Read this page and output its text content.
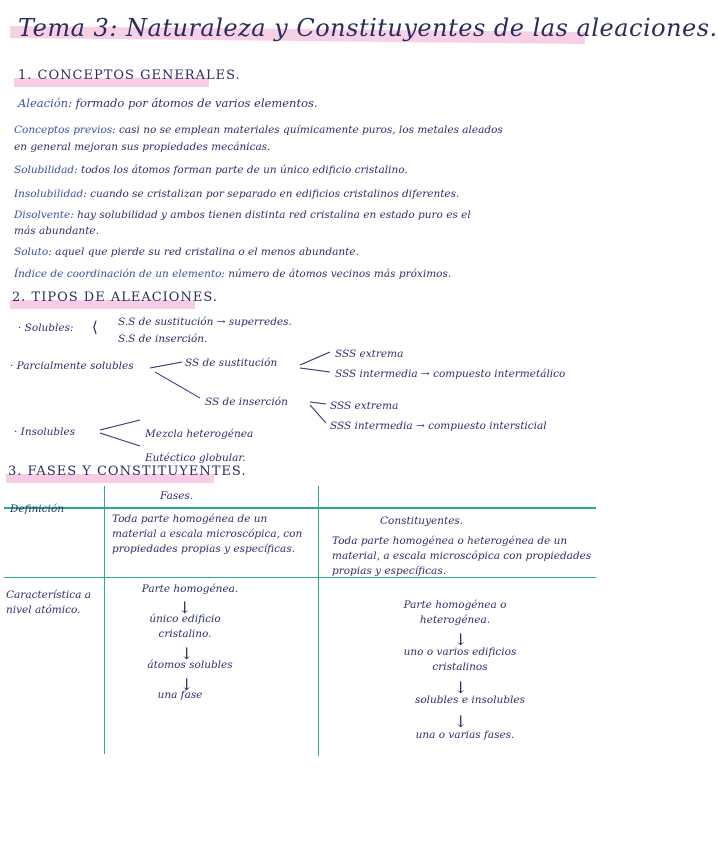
Tema 3: Naturaleza y Constituyentes de las aleaciones.
1. CONCEPTOS GENERALES.
Aleación: formado por átomos de varios elementos.
Conceptos previos: casi no se emplean materiales químicamente puros, los metales aleados
en general mejoran sus propiedades mecánicas.
Solubilidad: todos los átomos forman parte de un único edificio cristalino.
Insolubilidad: cuando se cristalizan por separado en edificios cristalinos diferentes.
Disolvente: hay solubilidad y ambos tienen distinta red cristalina en estado puro es el
más abundante.
Soluto: aquel que pierde su red cristalina o el menos abundante.
Índice de coordinación de un elemento: número de átomos vecinos más próximos.
2. TIPOS DE ALEACIONES.
· Solubles: ⟨ S.S de sustitución → superredes.
S.S de inserción.
· Parcialmente solubles	SS de sustitución
SS de inserción
SSS extrema
SSS intermedia → compuesto intermetálico
SSS extrema
SSS intermedia → compuesto intersticial
· Insolubles	Mezcla heterogénea
Eutéctico globular.
3. FASES Y CONSTITUYENTES.
Fases.
Constituyentes.
Definición
Toda parte homogénea de un material a escala microscópica, con propiedades propias y específicas.
Toda parte homogénea o heterogénea de un material, a escala microscópica con propiedades propias y específicas.
Característica a nivel atómico.
Parte homogénea.
↓
único edificio cristalino.
↓
átomos solubles
↓
una fase
Parte homogénea o heterogénea.
↓
uno o varios edificios cristalinos
↓
solubles e insolubles
↓
una o varias fases.
